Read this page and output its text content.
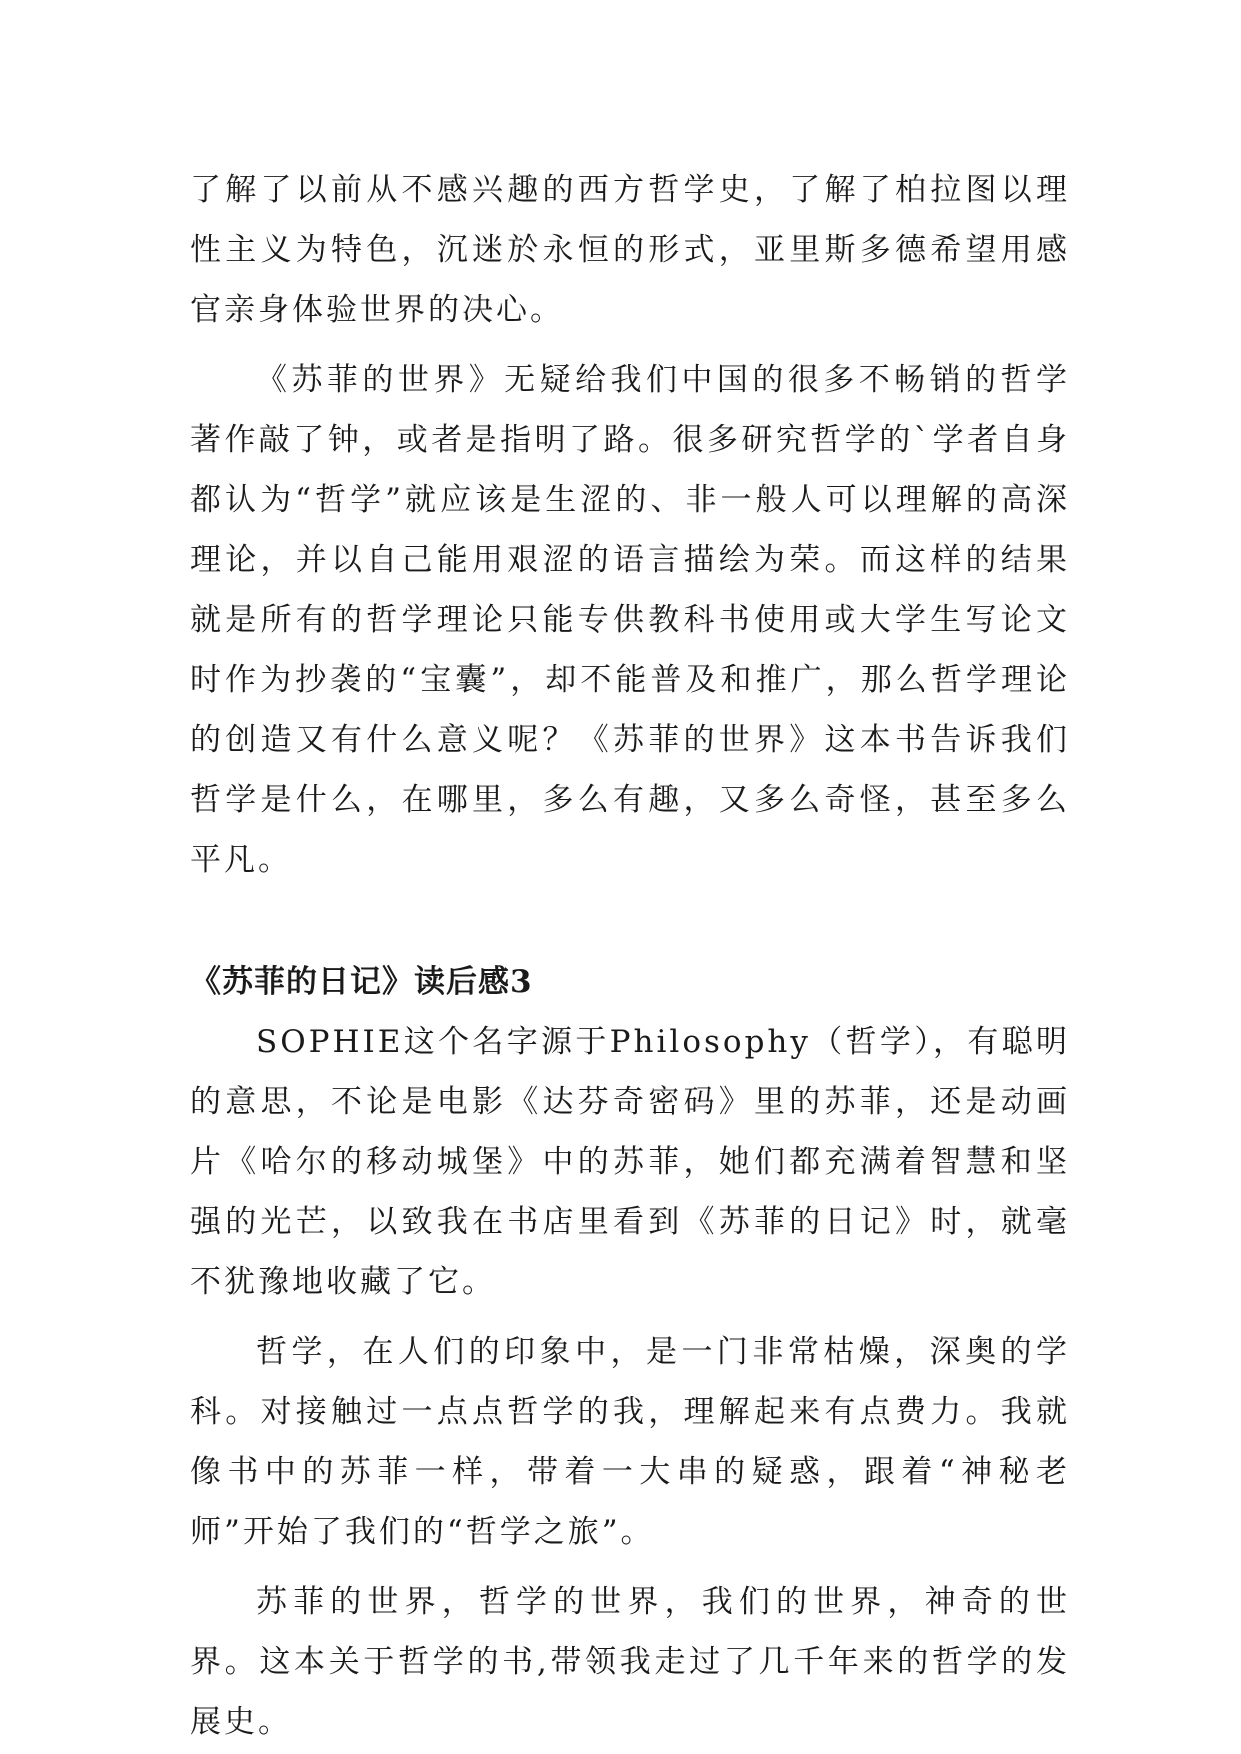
了解了以前从不感兴趣的西方哲学史，了解了柏拉图以理性主义为特色，沉迷於永恒的形式，亚里斯多德希望用感官亲身体验世界的决心。

《苏菲的世界》无疑给我们中国的很多不畅销的哲学著作敲了钟，或者是指明了路。很多研究哲学的`学者自身都认为“哲学”就应该是生涩的、非一般人可以理解的高深理论，并以自己能用艰涩的语言描绘为荣。而这样的结果就是所有的哲学理论只能专供教科书使用或大学生写论文时作为抄袭的“宝囊”，却不能普及和推广，那么哲学理论的创造又有什么意义呢？《苏菲的世界》这本书告诉我们哲学是什么，在哪里，多么有趣，又多么奇怪，甚至多么平凡。

《苏菲的日记》读后感3

SOPHIE这个名字源于Philosophy（哲学），有聪明的意思，不论是电影《达芬奇密码》里的苏菲，还是动画片《哈尔的移动城堡》中的苏菲，她们都充满着智慧和坚强的光芒，以致我在书店里看到《苏菲的日记》时，就毫不犹豫地收藏了它。

哲学，在人们的印象中，是一门非常枯燥，深奥的学科。对接触过一点点哲学的我，理解起来有点费力。我就像书中的苏菲一样，带着一大串的疑惑，跟着“神秘老师”开始了我们的“哲学之旅”。

苏菲的世界，哲学的世界，我们的世界，神奇的世界。这本关于哲学的书,带领我走过了几千年来的哲学的发展史。
